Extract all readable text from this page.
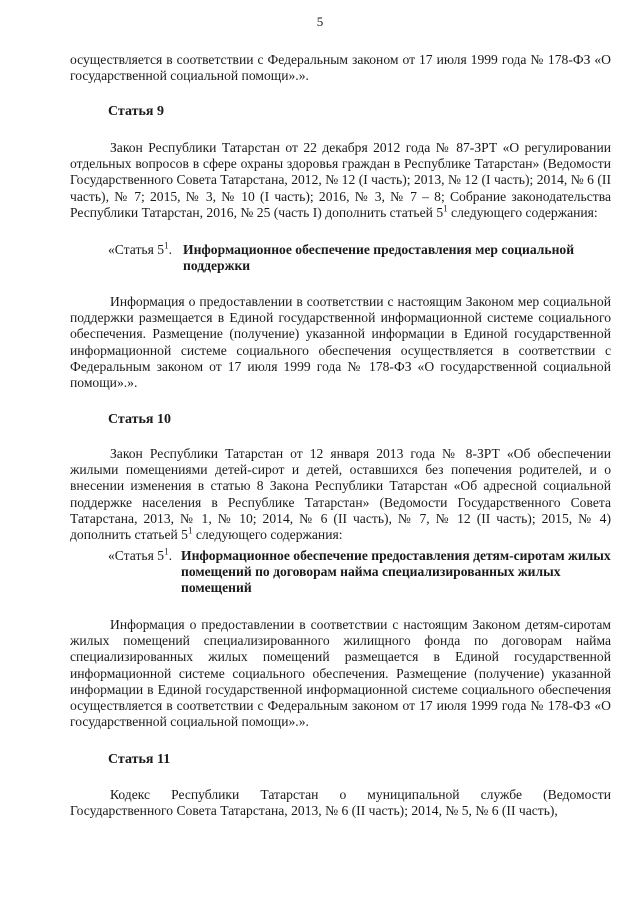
5
осуществляется в соответствии с Федеральным законом от 17 июля 1999 года № 178-ФЗ «О государственной социальной помощи».».
Статья 9
Закон Республики Татарстан от 22 декабря 2012 года № 87-ЗРТ «О регулировании отдельных вопросов в сфере охраны здоровья граждан в Республике Татарстан» (Ведомости Государственного Совета Татарстана, 2012, № 12 (I часть); 2013, № 12 (I часть); 2014, № 6 (II часть), № 7; 2015, № 3, № 10 (I часть); 2016, № 3, № 7 – 8; Собрание законодательства Республики Татарстан, 2016, № 25 (часть I) дополнить статьей $5^1$ следующего содержания:
«Статья $5^1$. Информационное обеспечение предоставления мер социальной поддержки
Информация о предоставлении в соответствии с настоящим Законом мер социальной поддержки размещается в Единой государственной информационной системе социального обеспечения. Размещение (получение) указанной информации в Единой государственной информационной системе социального обеспечения осуществляется в соответствии с Федеральным законом от 17 июля 1999 года № 178-ФЗ «О государственной социальной помощи».».
Статья 10
Закон Республики Татарстан от 12 января 2013 года № 8-ЗРТ «Об обеспечении жилыми помещениями детей-сирот и детей, оставшихся без попечения родителей, и о внесении изменения в статью 8 Закона Республики Татарстан «Об адресной социальной поддержке населения в Республике Татарстан» (Ведомости Государственного Совета Татарстана, 2013, № 1, № 10; 2014, № 6 (II часть), № 7, № 12 (II часть); 2015, № 4) дополнить статьей $5^1$ следующего содержания:
«Статья $5^1$. Информационное обеспечение предоставления детям-сиротам жилых помещений по договорам найма специализированных жилых помещений
Информация о предоставлении в соответствии с настоящим Законом детям-сиротам жилых помещений специализированного жилищного фонда по договорам найма специализированных жилых помещений размещается в Единой государственной информационной системе социального обеспечения. Размещение (получение) указанной информации в Единой государственной информационной системе социального обеспечения осуществляется в соответствии с Федеральным законом от 17 июля 1999 года № 178-ФЗ «О государственной социальной помощи».».
Статья 11
Кодекс Республики Татарстан о муниципальной службе (Ведомости Государственного Совета Татарстана, 2013, № 6 (II часть); 2014, № 5, № 6 (II часть),
